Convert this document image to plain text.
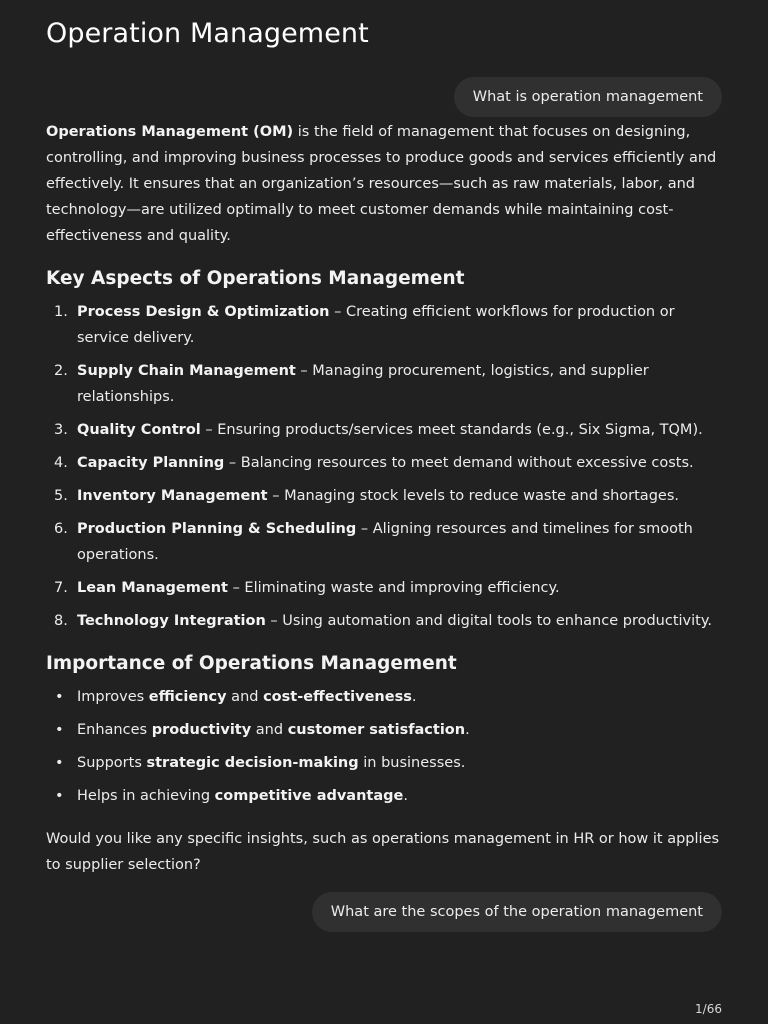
Operation Management
What is operation management

Operations Management (OM) is the field of management that focuses on designing, controlling, and improving business processes to produce goods and services efficiently and effectively. It ensures that an organization’s resources—such as raw materials, labor, and technology—are utilized optimally to meet customer demands while maintaining cost-effectiveness and quality.

Key Aspects of Operations Management
1. Process Design & Optimization – Creating efficient workflows for production or service delivery.
2. Supply Chain Management – Managing procurement, logistics, and supplier relationships.
3. Quality Control – Ensuring products/services meet standards (e.g., Six Sigma, TQM).
4. Capacity Planning – Balancing resources to meet demand without excessive costs.
5. Inventory Management – Managing stock levels to reduce waste and shortages.
6. Production Planning & Scheduling – Aligning resources and timelines for smooth operations.
7. Lean Management – Eliminating waste and improving efficiency.
8. Technology Integration – Using automation and digital tools to enhance productivity.
Importance of Operations Management
• Improves efficiency and cost-effectiveness.
• Enhances productivity and customer satisfaction.
• Supports strategic decision-making in businesses.
• Helps in achieving competitive advantage.

Would you like any specific insights, such as operations management in HR or how it applies to supplier selection?

What are the scopes of the operation management
1/66
